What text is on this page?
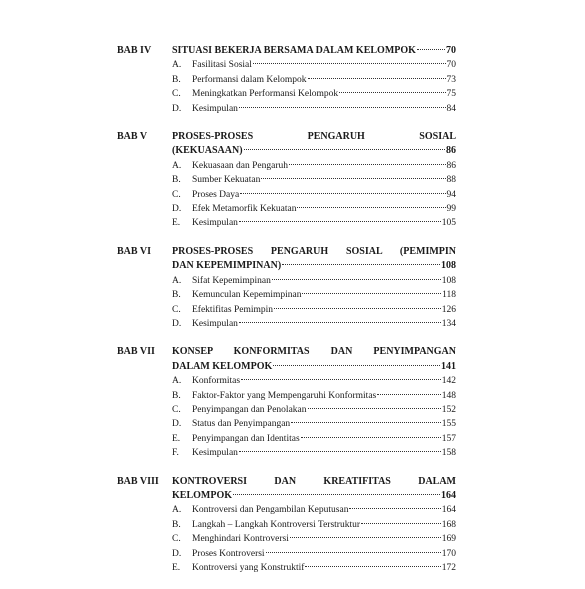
BAB IV SITUASI BEKERJA BERSAMA DALAM KELOMPOK	70
A. Fasilitasi Sosial	70
B. Performansi dalam Kelompok	73
C. Meningkatkan Performansi Kelompok	75
D. Kesimpulan	84
BAB V PROSES-PROSES PENGARUH SOSIAL
(KEKUASAAN)	86
A. Kekuasaan dan Pengaruh	86
B. Sumber Kekuatan	88
C. Proses Daya	94
D. Efek Metamorfik Kekuatan	99
E. Kesimpulan	105
BAB VI PROSES-PROSES PENGARUH SOSIAL (PEMIMPIN
DAN KEPEMIMPINAN)	108
A. Sifat Kepemimpinan	108
B. Kemunculan Kepemimpinan	118
C. Efektifitas Pemimpin	126
D. Kesimpulan	134
BAB VII KONSEP KONFORMITAS DAN PENYIMPANGAN
DALAM KELOMPOK	141
A. Konformitas	142
B. Faktor-Faktor yang Mempengaruhi Konformitas	148
C. Penyimpangan dan Penolakan	152
D. Status dan Penyimpangan	155
E. Penyimpangan dan Identitas	157
F. Kesimpulan	158
BAB VIII KONTROVERSI DAN KREATIFITAS DALAM
KELOMPOK	164
A. Kontroversi dan Pengambilan Keputusan	164
B. Langkah – Langkah Kontroversi Terstruktur	168
C. Menghindari Kontroversi	169
D. Proses Kontroversi	170
E. Kontroversi yang Konstruktif	172
